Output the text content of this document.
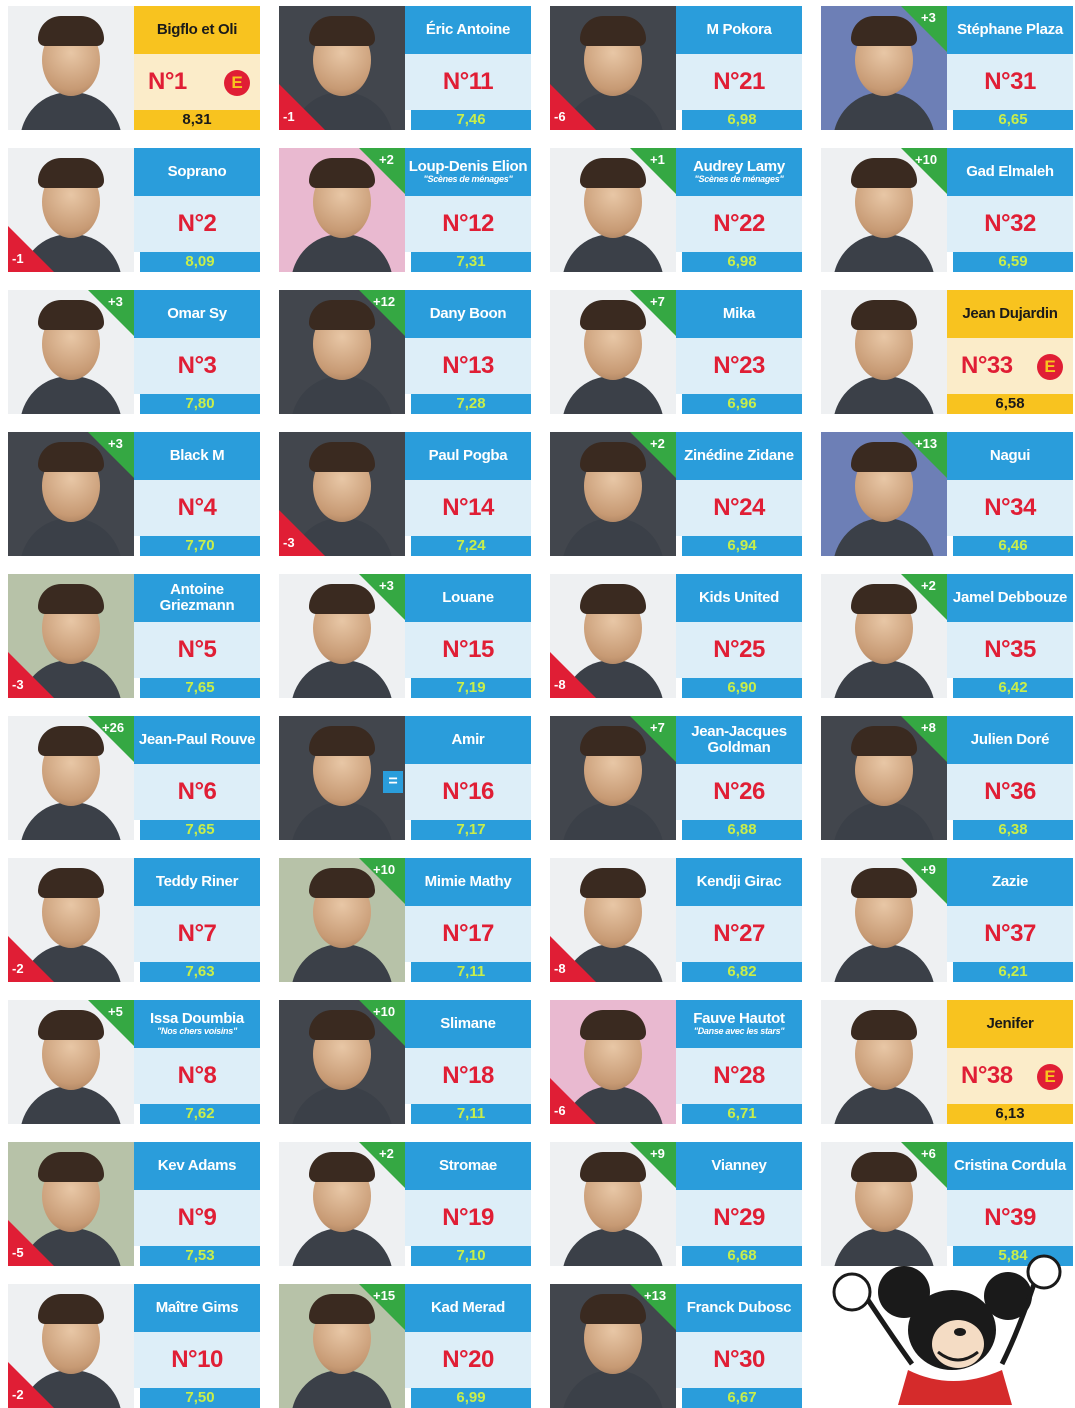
Bigflo et Oli
N°1	E
8,31
-1
Soprano
N°2
8,09
+3
Omar Sy
N°3
7,80
+3
Black M
N°4
7,70
-3
Antoine Griezmann
N°5
7,65
+26
Jean-Paul Rouve
N°6
7,65
-2
Teddy Riner
N°7
7,63
+5	Issa Doumbia
"Nos chers voisins"
N°8
7,62
-5
Kev Adams
N°9
7,53
-2
Maître Gims
N°10
7,50
-1
Éric Antoine
N°11
7,46
+2 Loup-Denis Elion
"Scènes de ménages"
N°12
7,31
+12
Dany Boon
N°13
7,28
-3
Paul Pogba
N°14
7,24
+3
Louane
N°15
7,19
=
Amir
N°16
7,17
+10
Mimie Mathy
N°17
7,11
+10
Slimane
N°18
7,11
+2
Stromae
N°19
7,10
+15
Kad Merad
N°20
6,99
-6
M Pokora
N°21
6,98
+1	Audrey Lamy
"Scènes de ménages"
N°22
6,98
+7
Mika
N°23
6,96
+2
Zinédine Zidane
N°24
6,94
-8
Kids United
N°25
6,90
+7	Jean-Jacques Goldman
N°26
6,88
-8
Kendji Girac
N°27
6,82
-6
Fauve Hautot
"Danse avec les stars"
N°28
6,71
+9
Vianney
N°29
6,68
+13
Franck Dubosc
N°30
6,67
+3
Stéphane Plaza
N°31
6,65
+10
Gad Elmaleh
N°32
6,59
Jean Dujardin
N°33	E
6,58
+13
Nagui
N°34
6,46
+2
Jamel Debbouze
N°35
6,42
+8
Julien Doré
N°36
6,38
+9
Zazie
N°37
6,21
Jenifer
N°38	E
6,13
+6
Cristina Cordula
N°39
5,84
